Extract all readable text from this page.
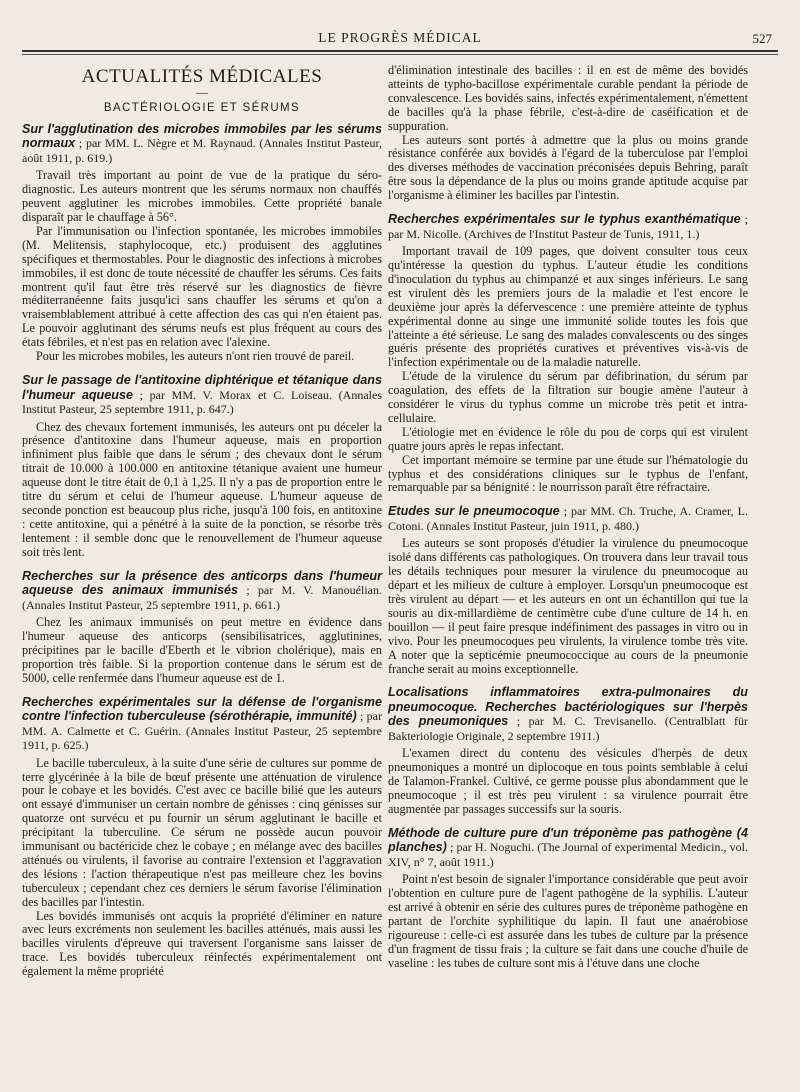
LE PROGRÈS MÉDICAL	527
ACTUALITÉS MÉDICALES
—
BACTÉRIOLOGIE ET SÉRUMS
Sur l'agglutination des microbes immobiles par les sérums normaux ; par MM. L. Nègre et M. Raynaud. (Annales Institut Pasteur, août 1911, p. 619.)

Travail très important au point de vue de la pratique du séro-diagnostic. Les auteurs montrent que les sérums normaux non chauffés peuvent agglutiner les microbes immobiles. Cette propriété banale disparaît par le chauffage à 56°.

Par l'immunisation ou l'infection spontanée, les microbes immobiles (M. Melitensis, staphylocoque, etc.) produisent des agglutines spécifiques et thermostables. Pour le diagnostic des infections à microbes immobiles, il est donc de toute nécessité de chauffer les sérums. Ces faits montrent qu'il faut être très réservé sur les diagnostics de fièvre méditerranéenne faits jusqu'ici sans chauffer les sérums et qu'on a vraisemblablement attribué à cette affection des cas qui n'en étaient pas. Le pouvoir agglutinant des sérums neufs est plus fréquent au cours des états fébriles, et n'est pas en relation avec l'alexine.

Pour les microbes mobiles, les auteurs n'ont rien trouvé de pareil.

Sur le passage de l'antitoxine diphtérique et tétanique dans l'humeur aqueuse ; par MM. V. Morax et C. Loiseau. (Annales Institut Pasteur, 25 septembre 1911, p. 647.)

Chez des chevaux fortement immunisés, les auteurs ont pu déceler la présence d'antitoxine dans l'humeur aqueuse, mais en proportion infiniment plus faible que dans le sérum ; des chevaux dont le sérum titrait de 10.000 à 100.000 en antitoxine tétanique avaient une humeur aqueuse dont le titre était de 0,1 à 1,25. Il n'y a pas de proportion entre le titre du sérum et celui de l'humeur aqueuse. L'humeur aqueuse de seconde ponction est beaucoup plus riche, jusqu'à 100 fois, en antitoxine : cette antitoxine, qui a pénétré à la suite de la ponction, se résorbe très lentement : il semble donc que le renouvellement de l'humeur aqueuse soit très lent.

Recherches sur la présence des anticorps dans l'humeur aqueuse des animaux immunisés ; par M. V. Manouélian. (Annales Institut Pasteur, 25 septembre 1911, p. 661.)

Chez les animaux immunisés on peut mettre en évidence dans l'humeur aqueuse des anticorps (sensibilisatrices, agglutinines, précipitines par le bacille d'Eberth et le vibrion cholérique), mais en proportion très faible. Si la proportion contenue dans le sérum est de 5000, celle renfermée dans l'humeur aqueuse est de 1.

Recherches expérimentales sur la défense de l'organisme contre l'infection tuberculeuse (sérothérapie, immunité) ; par MM. A. Calmette et C. Guérin. (Annales Institut Pasteur, 25 septembre 1911, p. 625.)

Le bacille tuberculeux, à la suite d'une série de cultures sur pomme de terre glycérinée à la bile de bœuf présente une atténuation de virulence pour le cobaye et les bovidés. C'est avec ce bacille bilié que les auteurs ont essayé d'immuniser un certain nombre de génisses : cinq génisses sur quatorze ont survécu et pu fournir un sérum agglutinant le bacille et précipitant la tuberculine. Ce sérum ne possède aucun pouvoir immunisant ou bactéricide chez le cobaye ; en mélange avec des bacilles atténués ou virulents, il favorise au contraire l'extension et l'aggravation des lésions : l'action thérapeutique n'est pas meilleure chez les bovins tuberculeux ; cependant chez ces derniers le sérum favorise l'élimination des bacilles par l'intestin.

Les bovidés immunisés ont acquis la propriété d'éliminer en nature avec leurs excréments non seulement les bacilles atténués, mais aussi les bacilles virulents d'épreuve qui traversent l'organisme sans laisser de trace. Les bovidés tuberculeux réinfectés expérimentalement ont également la même propriété

d'élimination intestinale des bacilles : il en est de même des bovidés atteints de typho-bacillose expérimentale curable pendant la période de convalescence. Les bovidés sains, infectés expérimentalement, n'émettent de bacilles qu'à la phase fébrile, c'est-à-dire de caséification et de suppuration.

Les auteurs sont portés à admettre que la plus ou moins grande résistance conférée aux bovidés à l'égard de la tuberculose par l'emploi des diverses méthodes de vaccination préconisées depuis Behring, paraît être sous la dépendance de la plus ou moins grande aptitude acquise par l'organisme à éliminer les bacilles par l'intestin.

Recherches expérimentales sur le typhus exanthématique ; par M. Nicolle. (Archives de l'Institut Pasteur de Tunis, 1911, 1.)

Important travail de 109 pages, que doivent consulter tous ceux qu'intéresse la question du typhus. L'auteur étudie les conditions d'inoculation du typhus au chimpanzé et aux singes inférieurs. Le sang est virulent dès les premiers jours de la maladie et l'est encore le deuxième jour après la défervescence : une première atteinte de typhus expérimental donne au singe une immunité solide toutes les fois que l'atteinte a été sérieuse. Le sang des malades convalescents ou des singes guéris présente des propriétés curatives et préventives vis-à-vis de l'infection expérimentale ou de la maladie naturelle.

L'étude de la virulence du sérum par défibrination, du sérum par coagulation, des effets de la filtration sur bougie amène l'auteur à considérer le virus du typhus comme un microbe très petit et intra-cellulaire.

L'étiologie met en évidence le rôle du pou de corps qui est virulent quatre jours après le repas infectant.

Cet important mémoire se termine par une étude sur l'hématologie du typhus et des considérations cliniques sur le typhus de l'enfant, remarquable par sa bénignité : le nourrisson paraît être réfractaire.

Etudes sur le pneumocoque ; par MM. Ch. Truche, A. Cramer, L. Cotoni. (Annales Institut Pasteur, juin 1911, p. 480.)

Les auteurs se sont proposés d'étudier la virulence du pneumocoque isolé dans différents cas pathologiques. On trouvera dans leur travail tous les détails techniques pour mesurer la virulence du pneumocoque au départ et les milieux de culture à employer. Lorsqu'un pneumocoque est très virulent au départ — et les auteurs en ont un échantillon qui tue la souris au dix-millardième de centimètre cube d'une culture de 14 h. en bouillon — il peut faire presque indéfiniment des passages in vitro ou in vivo. Pour les pneumocoques peu virulents, la virulence tombe très vite. A noter que la septicémie pneumococcique au cours de la pneumonie franche serait au moins exceptionnelle.

Localisations inflammatoires extra-pulmonaires du pneumocoque. Recherches bactériologiques sur l'herpès des pneumoniques ; par M. C. Trevisanello. (Centralblatt für Bakteriologie Originale, 2 septembre 1911.)

L'examen direct du contenu des vésicules d'herpès de deux pneumoniques a montré un diplocoque en tous points semblable à celui de Talamon-Frankel. Cultivé, ce germe pousse plus abondamment que le pneumocoque ; il est très peu virulent : sa virulence pourrait être augmentée par passages successifs sur la souris.

Méthode de culture pure d'un tréponème pas pathogène (4 planches) ; par H. Noguchi. (The Journal of experimental Medicin., vol. XIV, n° 7, août 1911.)

Point n'est besoin de signaler l'importance considérable que peut avoir l'obtention en culture pure de l'agent pathogène de la syphilis. L'auteur est arrivé à obtenir en série des cultures pures de tréponème pathogène en partant de l'orchite syphilitique du lapin. Il faut une anaérobiose rigoureuse : celle-ci est assurée dans les tubes de culture par la présence d'un fragment de tissu frais ; la culture se fait dans une couche d'huile de vaseline : les tubes de culture sont mis à l'étuve dans une cloche
